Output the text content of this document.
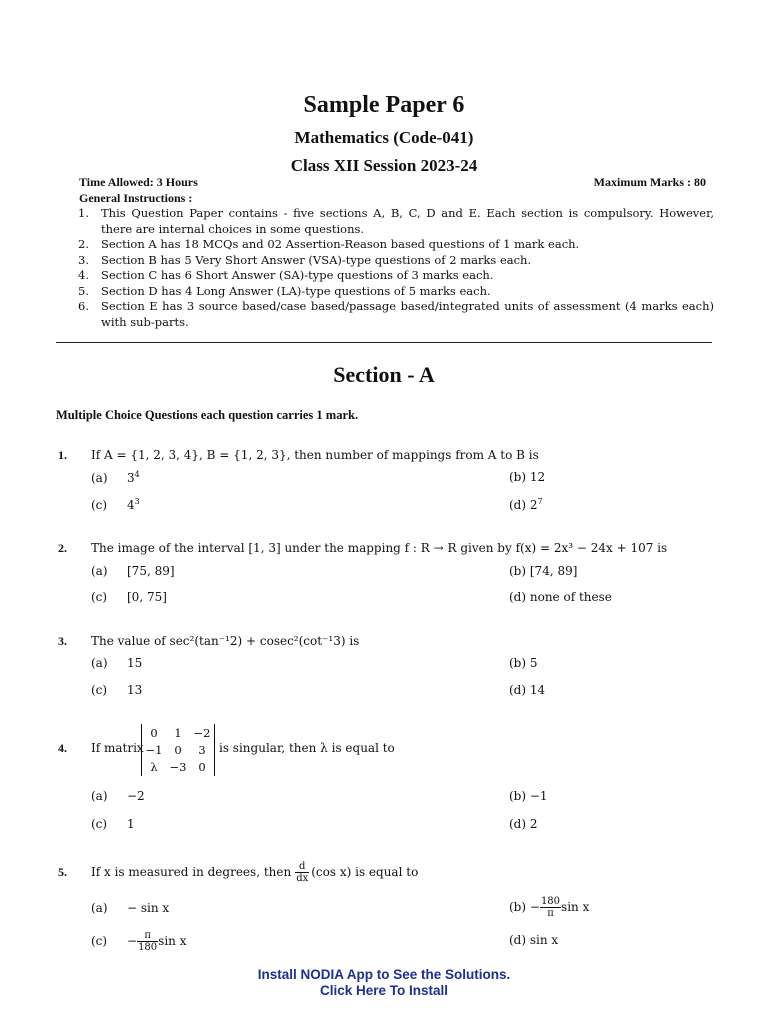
Sample Paper 6
Mathematics (Code-041)
Class XII Session 2023-24
Time Allowed: 3 Hours	Maximum Marks : 80
General Instructions :
1.	This Question Paper contains - five sections A, B, C, D and E. Each section is compulsory. However, there are internal choices in some questions.
2.	Section A has 18 MCQs and 02 Assertion-Reason based questions of 1 mark each.
3.	Section B has 5 Very Short Answer (VSA)-type questions of 2 marks each.
4.	Section C has 6 Short Answer (SA)-type questions of 3 marks each.
5.	Section D has 4 Long Answer (LA)-type questions of 5 marks each.
6.	Section E has 3 source based/case based/passage based/integrated units of assessment (4 marks each) with sub-parts.
Section - A
Multiple Choice Questions each question carries 1 mark.
1. If A = {1, 2, 3, 4}, B = {1, 2, 3}, then number of mappings from A to B is
(a) $3^4$	(b) 12
(c) $4^3$	(d) $2^7$
2. The image of the interval [1, 3] under the mapping f : R → R given by f(x) = 2x³ − 24x + 107 is
(a) [75, 89]	(b) [74, 89]
(c) [0, 75]	(d) none of these
3. The value of sec²(tan⁻¹2) + cosec²(cot⁻¹3) is
(a) 15	(b) 5
(c) 13	(d) 14
4. If matrix
0	1	−2
−1	0	3
λ	−3	0
is singular, then λ is equal to
(a) −2	(b) −1
(c) 1	(d) 2
5. If x is measured in degrees, then $\frac{d}{dx} (\cos$ x) is equal to
(a) − sin x	(b)
− $\frac{180}{\pi}$ sin x
(c)	− $\frac{\pi}{180}$ sin x	(d) sin x
Install NODIA App to See the Solutions.
Click Here To Install
